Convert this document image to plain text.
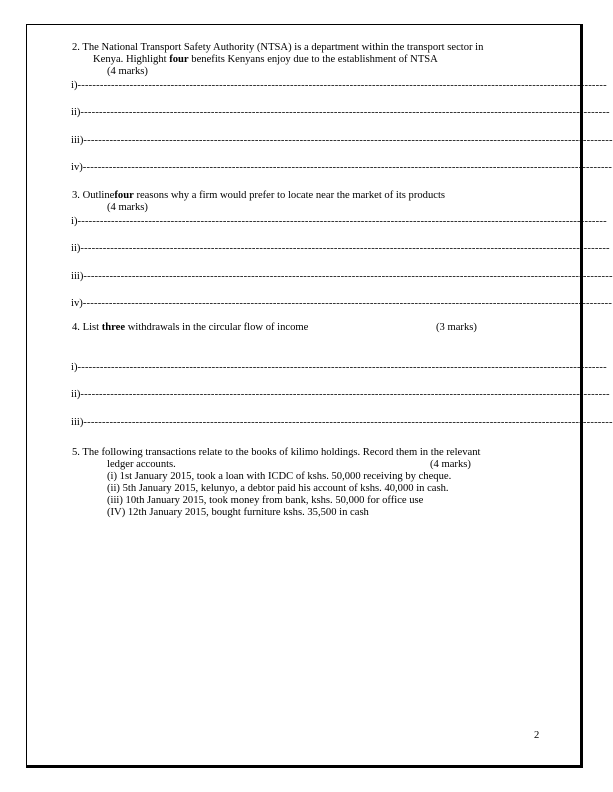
2. The National Transport Safety Authority (NTSA) is a department within the transport sector in
Kenya. Highlight four benefits Kenyans enjoy due to the establishment of NTSA
(4 marks)
i)----------------------------------------------------------------------------------------------------------------------------------------------
ii)----------------------------------------------------------------------------------------------------------------------------------------------
iii)----------------------------------------------------------------------------------------------------------------------------------------------
iv)----------------------------------------------------------------------------------------------------------------------------------------------
3. Outlinefour reasons why a firm would prefer to locate near the market of its products
(4 marks)
i)----------------------------------------------------------------------------------------------------------------------------------------------
ii)----------------------------------------------------------------------------------------------------------------------------------------------
iii)----------------------------------------------------------------------------------------------------------------------------------------------
iv)----------------------------------------------------------------------------------------------------------------------------------------------
4. List three withdrawals in the circular flow of income	(3 marks)
i)----------------------------------------------------------------------------------------------------------------------------------------------
ii)----------------------------------------------------------------------------------------------------------------------------------------------
iii)----------------------------------------------------------------------------------------------------------------------------------------------
5. The following transactions relate to the books of kilimo holdings. Record them in the relevant
ledger accounts.	(4 marks)
(i) 1st January 2015, took a loan with ICDC of kshs. 50,000 receiving by cheque.
(ii) 5th January 2015, kelunyo, a debtor paid his account of kshs. 40,000 in cash.
(iii) 10th January 2015, took money from bank, kshs. 50,000 for office use
(IV) 12th January 2015, bought furniture kshs. 35,500 in cash
2
